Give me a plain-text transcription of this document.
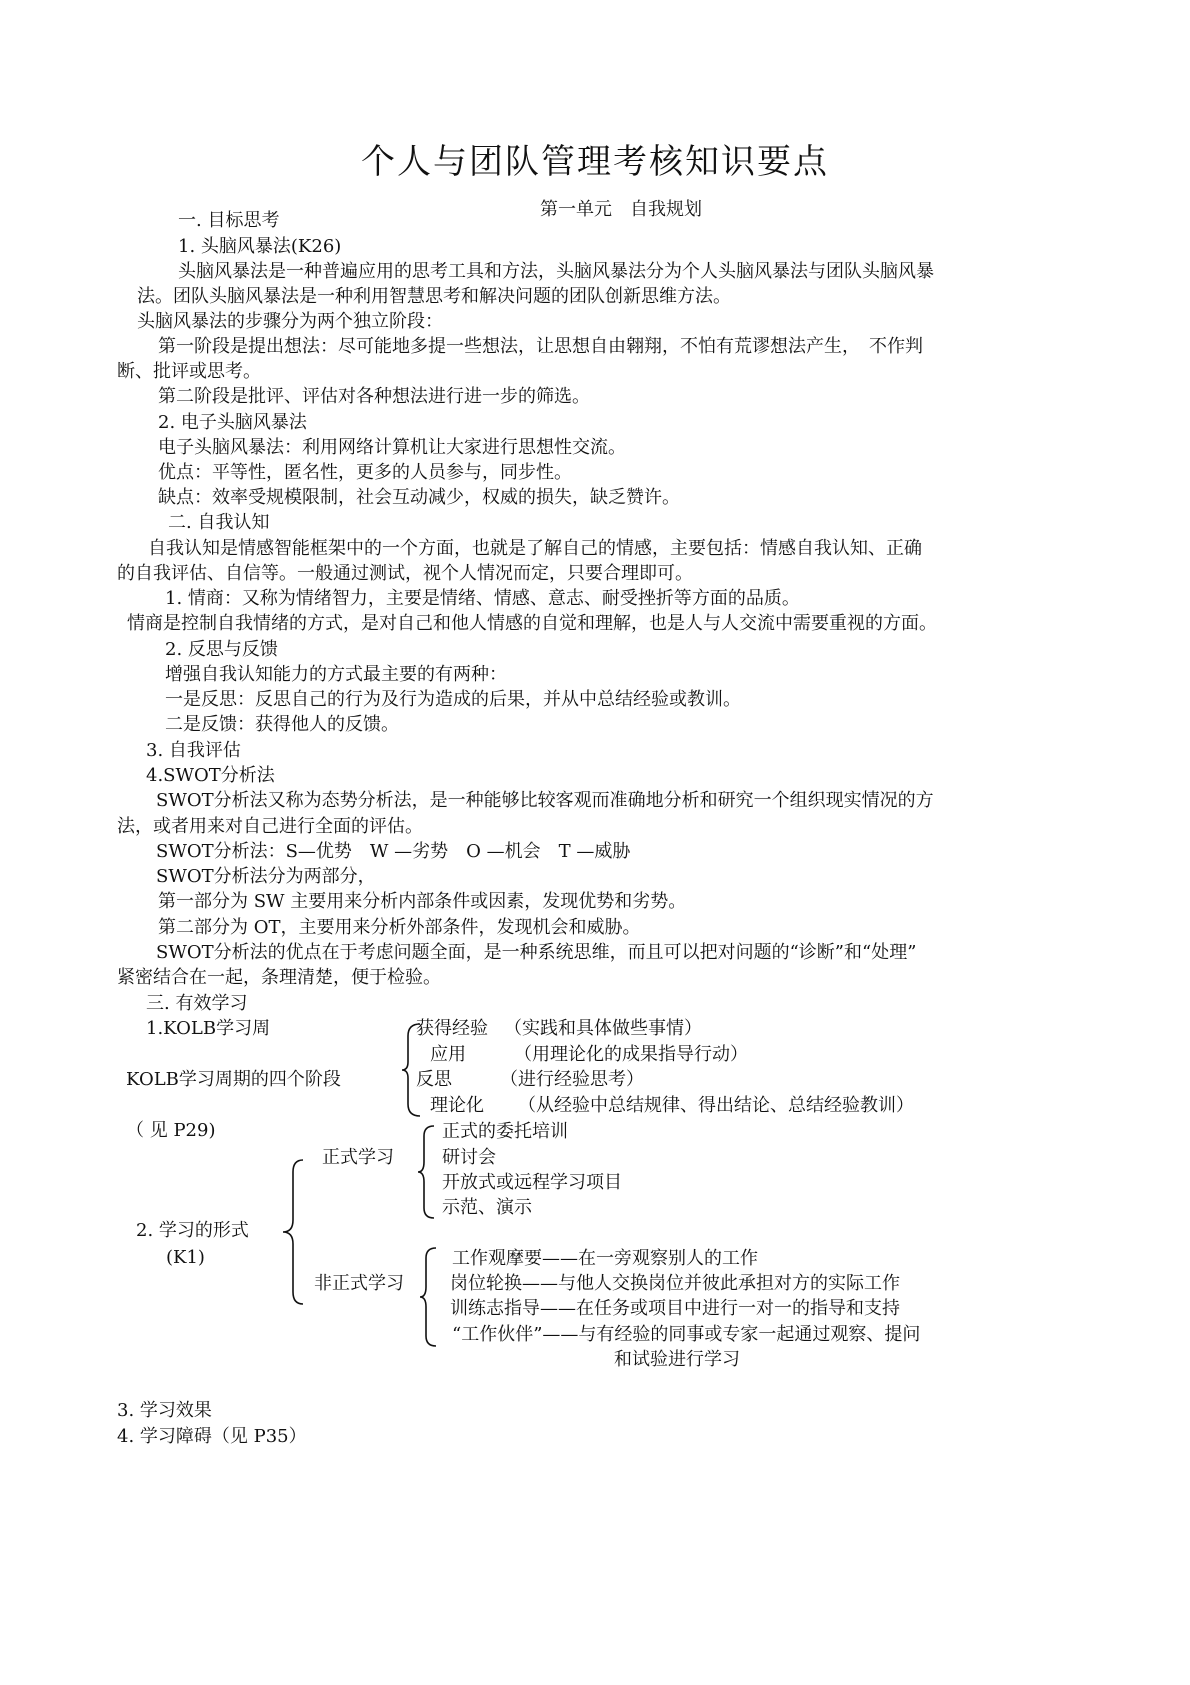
个人与团队管理考核知识要点
第一单元　自我规划
一. 目标思考
1. 头脑风暴法(K26)
头脑风暴法是一种普遍应用的思考工具和方法，头脑风暴法分为个人头脑风暴法与团队头脑风暴
法。团队头脑风暴法是一种利用智慧思考和解决问题的团队创新思维方法。
头脑风暴法的步骤分为两个独立阶段：
第一阶段是提出想法：尽可能地多提一些想法，让思想自由翱翔，不怕有荒谬想法产生，　不作判
断、批评或思考。
第二阶段是批评、评估对各种想法进行进一步的筛选。
2. 电子头脑风暴法
电子头脑风暴法：利用网络计算机让大家进行思想性交流。
优点：平等性，匿名性，更多的人员参与，同步性。
缺点：效率受规模限制，社会互动减少，权威的损失，缺乏赞许。
二. 自我认知
自我认知是情感智能框架中的一个方面，也就是了解自己的情感，主要包括：情感自我认知、正确
的自我评估、自信等。一般通过测试，视个人情况而定，只要合理即可。
1. 情商：又称为情绪智力，主要是情绪、情感、意志、耐受挫折等方面的品质。
情商是控制自我情绪的方式，是对自己和他人情感的自觉和理解，也是人与人交流中需要重视的方面。
2. 反思与反馈
增强自我认知能力的方式最主要的有两种：
一是反思：反思自己的行为及行为造成的后果，并从中总结经验或教训。
二是反馈：获得他人的反馈。
3. 自我评估
4.SWOT分析法
SWOT分析法又称为态势分析法，是一种能够比较客观而准确地分析和研究一个组织现实情况的方
法，或者用来对自己进行全面的评估。
SWOT分析法：S—优势　W —劣势　O —机会　T —威胁
SWOT分析法分为两部分，
第一部分为 SW 主要用来分析内部条件或因素，发现优势和劣势。
第二部分为 OT，主要用来分析外部条件，发现机会和威胁。
SWOT分析法的优点在于考虑问题全面，是一种系统思维，而且可以把对问题的“诊断”和“处理”
紧密结合在一起，条理清楚，便于检验。
三. 有效学习
1.KOLB学习周
KOLB学习周期的四个阶段
（ 见 P29)
获得经验 （实践和具体做些事情）
应用	（用理论化的成果指导行动）
反思	（进行经验思考）
理论化 （从经验中总结规律、得出结论、总结经验教训）
2. 学习的形式
(K1)
正式学习
非正式学习
正式的委托培训
研讨会
开放式或远程学习项目
示范、演示
工作观摩要——在一旁观察别人的工作
岗位轮换——与他人交换岗位并彼此承担对方的实际工作
训练志指导——在任务或项目中进行一对一的指导和支持
“工作伙伴”——与有经验的同事或专家一起通过观察、提问
和试验进行学习
3. 学习效果
4. 学习障碍（见 P35）
